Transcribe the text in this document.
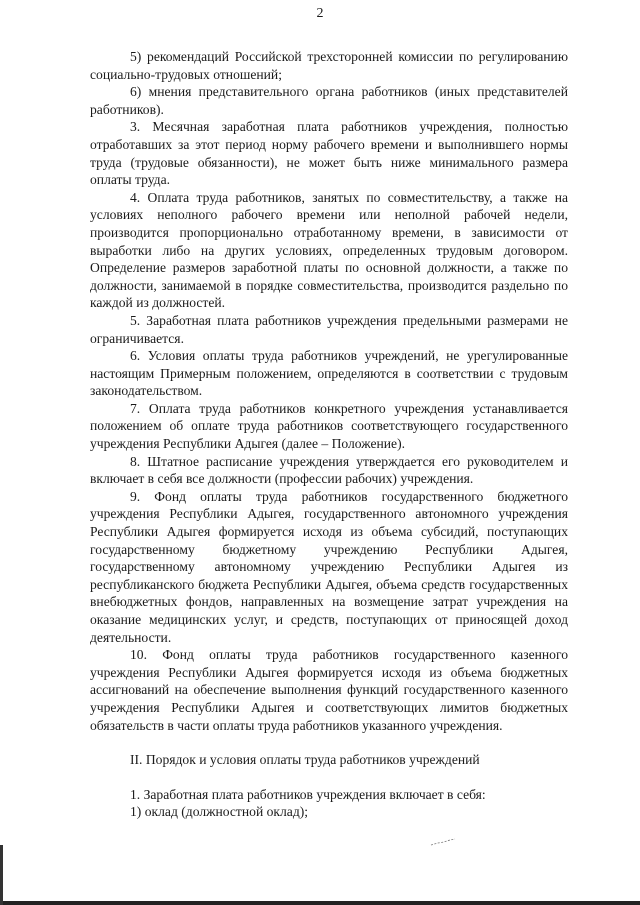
2

5) рекомендаций Российской трехсторонней комиссии по регулированию социально-трудовых отношений;

6) мнения представительного органа работников (иных представителей работников).

3. Месячная заработная плата работников учреждения, полностью отработавших за этот период норму рабочего времени и выполнившего нормы труда (трудовые обязанности), не может быть ниже минимального размера оплаты труда.

4. Оплата труда работников, занятых по совместительству, а также на условиях неполного рабочего времени или неполной рабочей недели, производится пропорционально отработанному времени, в зависимости от выработки либо на других условиях, определенных трудовым договором. Определение размеров заработной платы по основной должности, а также по должности, занимаемой в порядке совместительства, производится раздельно по каждой из должностей.

5. Заработная плата работников учреждения предельными размерами не ограничивается.

6. Условия оплаты труда работников учреждений, не урегулированные настоящим Примерным положением, определяются в соответствии с трудовым законодательством.

7. Оплата труда работников конкретного учреждения устанавливается положением об оплате труда работников соответствующего государственного учреждения Республики Адыгея (далее – Положение).

8. Штатное расписание учреждения утверждается его руководителем и включает в себя все должности (профессии рабочих) учреждения.

9. Фонд оплаты труда работников государственного бюджетного учреждения Республики Адыгея, государственного автономного учреждения Республики Адыгея формируется исходя из объема субсидий, поступающих государственному бюджетному учреждению Республики Адыгея, государственному автономному учреждению Республики Адыгея из республиканского бюджета Республики Адыгея, объема средств государственных внебюджетных фондов, направленных на возмещение затрат учреждения на оказание медицинских услуг, и средств, поступающих от приносящей доход деятельности.

10. Фонд оплаты труда работников государственного казенного учреждения Республики Адыгея формируется исходя из объема бюджетных ассигнований на обеспечение выполнения функций государственного казенного учреждения Республики Адыгея и соответствующих лимитов бюджетных обязательств в части оплаты труда работников указанного учреждения.

II. Порядок и условия оплаты труда работников учреждений

1. Заработная плата работников учреждения включает в себя:

1) оклад (должностной оклад);
